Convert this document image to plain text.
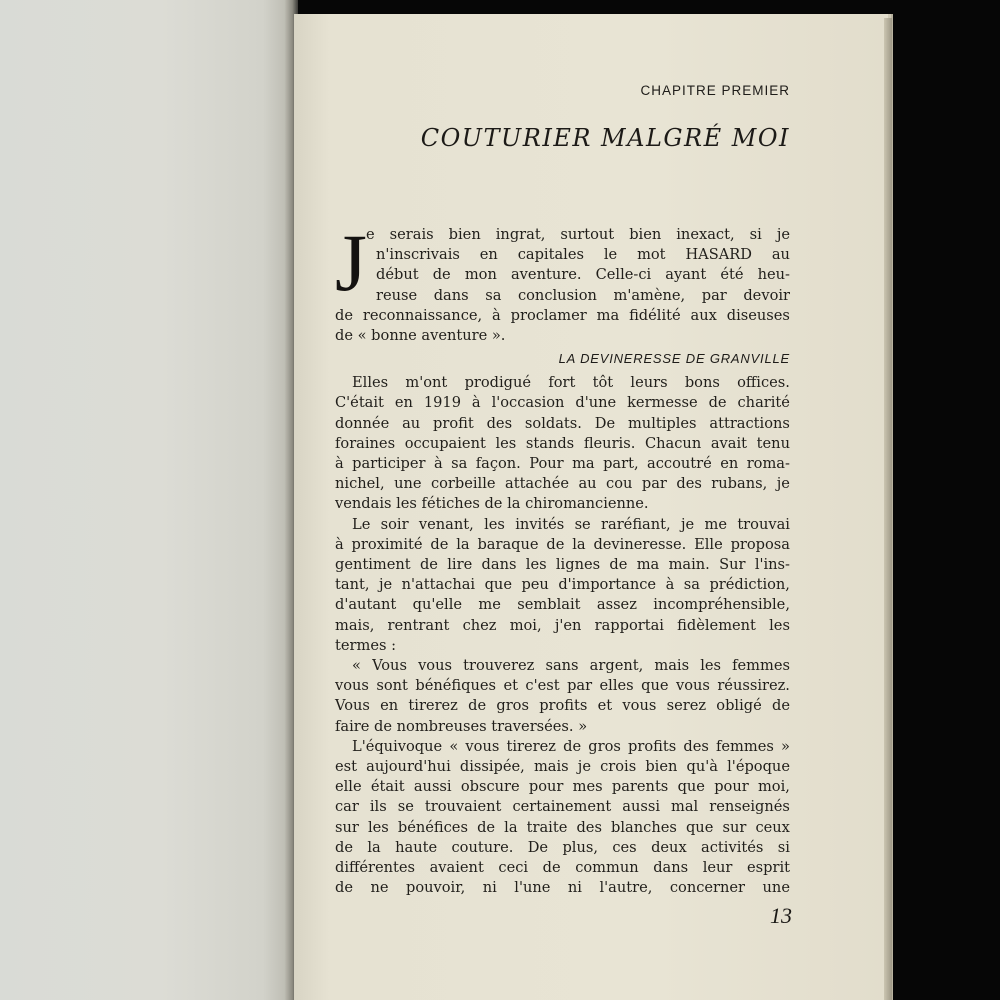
CHAPITRE PREMIER

COUTURIER MALGRÉ MOI
J e serais bien ingrat, surtout bien inexact, si je

n'inscrivais en capitales le mot HASARD au

début de mon aventure. Celle-ci ayant été heu-

reuse dans sa conclusion m'amène, par devoir

de reconnaissance, à proclamer ma fidélité aux diseuses

de « bonne aventure ».

LA DEVINERESSE DE GRANVILLE

Elles m'ont prodigué fort tôt leurs bons offices.

C'était en 1919 à l'occasion d'une kermesse de charité

donnée au profit des soldats. De multiples attractions

foraines occupaient les stands fleuris. Chacun avait tenu

à participer à sa façon. Pour ma part, accoutré en roma-

nichel, une corbeille attachée au cou par des rubans, je

vendais les fétiches de la chiromancienne.

Le soir venant, les invités se raréfiant, je me trouvai

à proximité de la baraque de la devineresse. Elle proposa

gentiment de lire dans les lignes de ma main. Sur l'ins-

tant, je n'attachai que peu d'importance à sa prédiction,

d'autant qu'elle me semblait assez incompréhensible,

mais, rentrant chez moi, j'en rapportai fidèlement les

termes :

« Vous vous trouverez sans argent, mais les femmes

vous sont bénéfiques et c'est par elles que vous réussirez.

Vous en tirerez de gros profits et vous serez obligé de

faire de nombreuses traversées. »

L'équivoque « vous tirerez de gros profits des femmes »

est aujourd'hui dissipée, mais je crois bien qu'à l'époque

elle était aussi obscure pour mes parents que pour moi,

car ils se trouvaient certainement aussi mal renseignés

sur les bénéfices de la traite des blanches que sur ceux

de la haute couture. De plus, ces deux activités si

différentes avaient ceci de commun dans leur esprit

de ne pouvoir, ni l'une ni l'autre, concerner une

13
